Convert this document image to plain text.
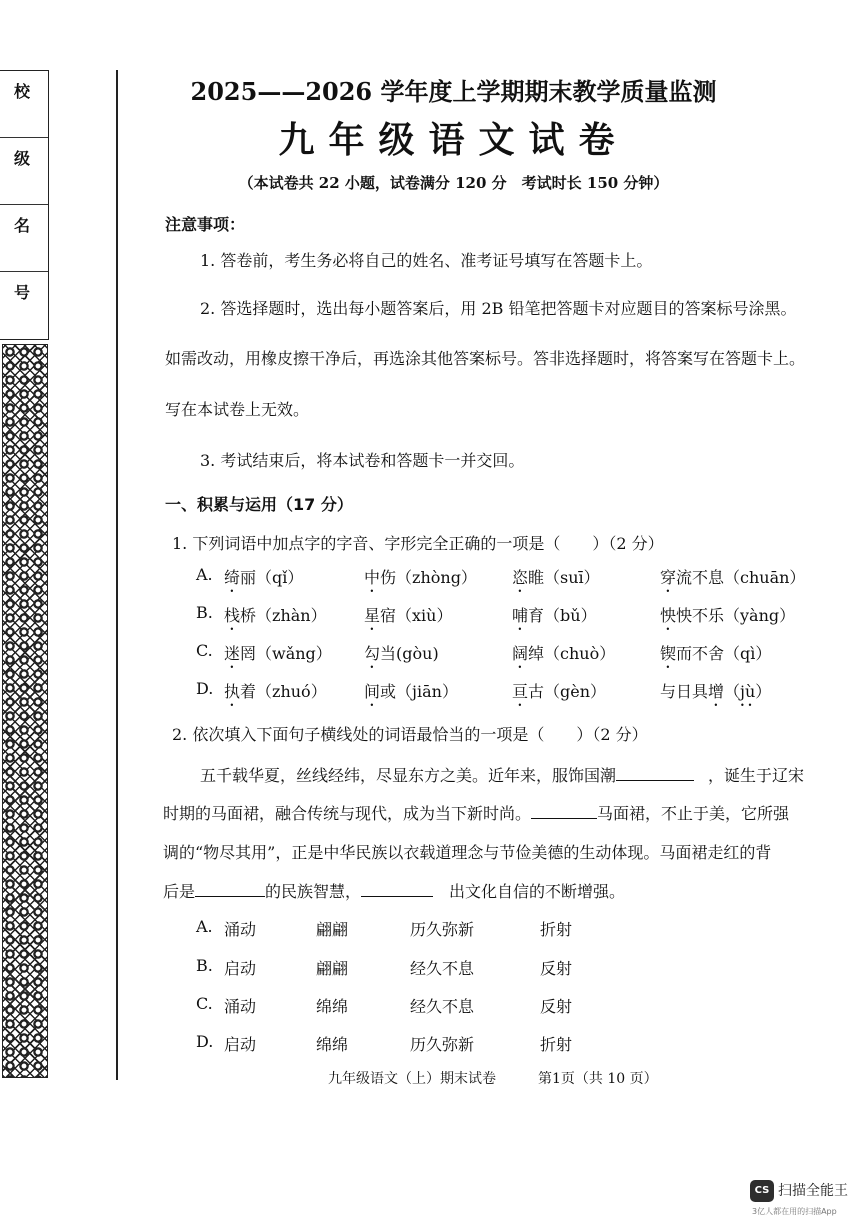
校
级
名
号
2025——2026 学年度上学期期末教学质量监测
九年级语文试卷
（本试卷共 22 小题，试卷满分 120 分　考试时长 150 分钟）
注意事项：
1. 答卷前，考生务必将自己的姓名、准考证号填写在答题卡上。
2. 答选择题时，选出每小题答案后，用 2B 铅笔把答题卡对应题目的答案标号涂黑。
如需改动，用橡皮擦干净后，再选涂其他答案标号。答非选择题时，将答案写在答题卡上。
写在本试卷上无效。
3. 考试结束后，将本试卷和答题卡一并交回。
一、积累与运用（17 分）
1. 下列词语中加点字的字音、字形完全正确的一项是（　　）（2 分）
A. 绮丽（qǐ）	中伤（zhòng） 恣睢（suī）	穿流不息（chuān）
B. 栈桥（zhàn） 星宿（xiù）	哺育（bǔ）	怏怏不乐（yàng）
C. 迷罔（wǎng） 勾当(gòu)	阔绰（chuò）	锲而不舍（qì）
D. 执着（zhuó） 间或（jiān）	亘古（gèn）	与日具增（jù）
2. 依次填入下面句子横线处的词语最恰当的一项是（　　）（2 分）
五千载华夏，丝线经纬，尽显东方之美。近年来，服饰国潮	，诞生于辽宋
时期的马面裙，融合传统与现代，成为当下新时尚。	马面裙，不止于美，它所强
调的“物尽其用”，正是中华民族以衣载道理念与节俭美德的生动体现。马面裙走红的背
后是	的民族智慧，	出文化自信的不断增强。
A. 涌动	翩翩	历久弥新	折射
B. 启动	翩翩	经久不息	反射
C. 涌动	绵绵	经久不息	反射
D. 启动	绵绵	历久弥新	折射
九年级语文（上）期末试卷　　　第1页（共 10 页）
CS 扫描全能王
3亿人都在用的扫描App
